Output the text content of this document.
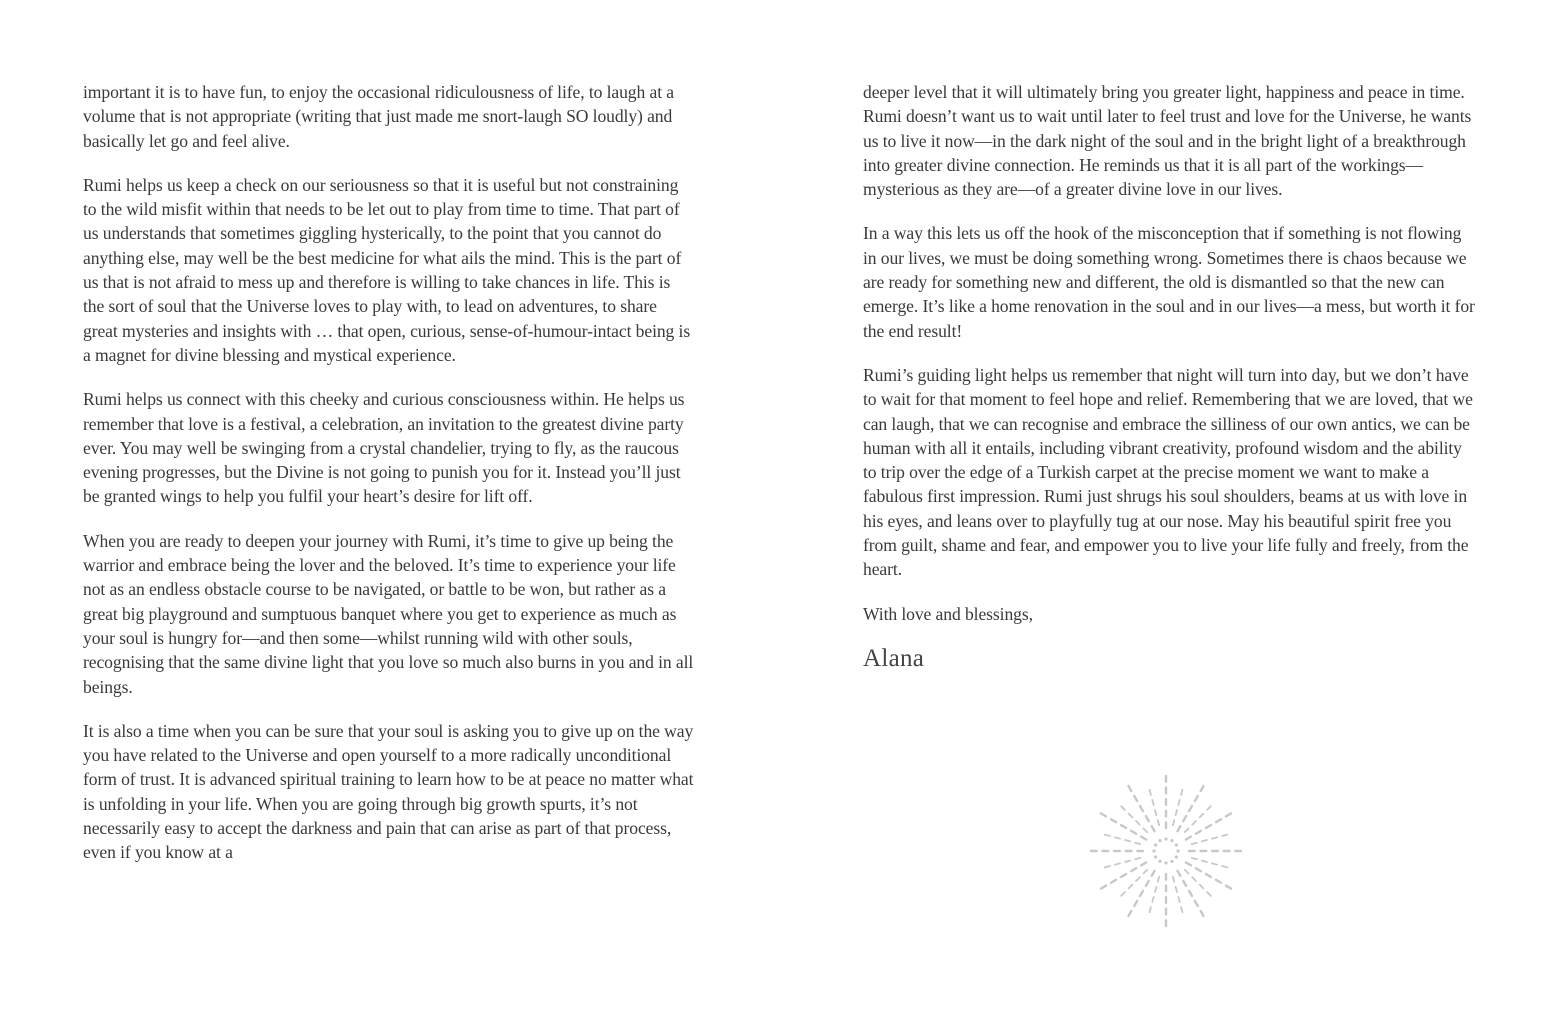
important it is to have fun, to enjoy the occasional ridiculousness of life, to laugh at a volume that is not appropriate (writing that just made me snort-laugh SO loudly) and basically let go and feel alive.

Rumi helps us keep a check on our seriousness so that it is useful but not constraining to the wild misfit within that needs to be let out to play from time to time. That part of us understands that sometimes giggling hysterically, to the point that you cannot do anything else, may well be the best medicine for what ails the mind. This is the part of us that is not afraid to mess up and therefore is willing to take chances in life. This is the sort of soul that the Universe loves to play with, to lead on adventures, to share great mysteries and insights with … that open, curious, sense-of-humour-intact being is a magnet for divine blessing and mystical experience.

Rumi helps us connect with this cheeky and curious consciousness within. He helps us remember that love is a festival, a celebration, an invitation to the greatest divine party ever. You may well be swinging from a crystal chandelier, trying to fly, as the raucous evening progresses, but the Divine is not going to punish you for it. Instead you’ll just be granted wings to help you fulfil your heart’s desire for lift off.

When you are ready to deepen your journey with Rumi, it’s time to give up being the warrior and embrace being the lover and the beloved. It’s time to experience your life not as an endless obstacle course to be navigated, or battle to be won, but rather as a great big playground and sumptuous banquet where you get to experience as much as your soul is hungry for—and then some—whilst running wild with other souls, recognising that the same divine light that you love so much also burns in you and in all beings.

It is also a time when you can be sure that your soul is asking you to give up on the way you have related to the Universe and open yourself to a more radically unconditional form of trust. It is advanced spiritual training to learn how to be at peace no matter what is unfolding in your life. When you are going through big growth spurts, it’s not necessarily easy to accept the darkness and pain that can arise as part of that process, even if you know at a

deeper level that it will ultimately bring you greater light, happiness and peace in time. Rumi doesn’t want us to wait until later to feel trust and love for the Universe, he wants us to live it now—in the dark night of the soul and in the bright light of a breakthrough into greater divine connection. He reminds us that it is all part of the workings—mysterious as they are—of a greater divine love in our lives.

In a way this lets us off the hook of the misconception that if something is not flowing in our lives, we must be doing something wrong. Sometimes there is chaos because we are ready for something new and different, the old is dismantled so that the new can emerge. It’s like a home renovation in the soul and in our lives—a mess, but worth it for the end result!

Rumi’s guiding light helps us remember that night will turn into day, but we don’t have to wait for that moment to feel hope and relief. Remembering that we are loved, that we can laugh, that we can recognise and embrace the silliness of our own antics, we can be human with all it entails, including vibrant creativity, profound wisdom and the ability to trip over the edge of a Turkish carpet at the precise moment we want to make a fabulous first impression. Rumi just shrugs his soul shoulders, beams at us with love in his eyes, and leans over to playfully tug at our nose. May his beautiful spirit free you from guilt, shame and fear, and empower you to live your life fully and freely, from the heart.

With love and blessings,

Alana
